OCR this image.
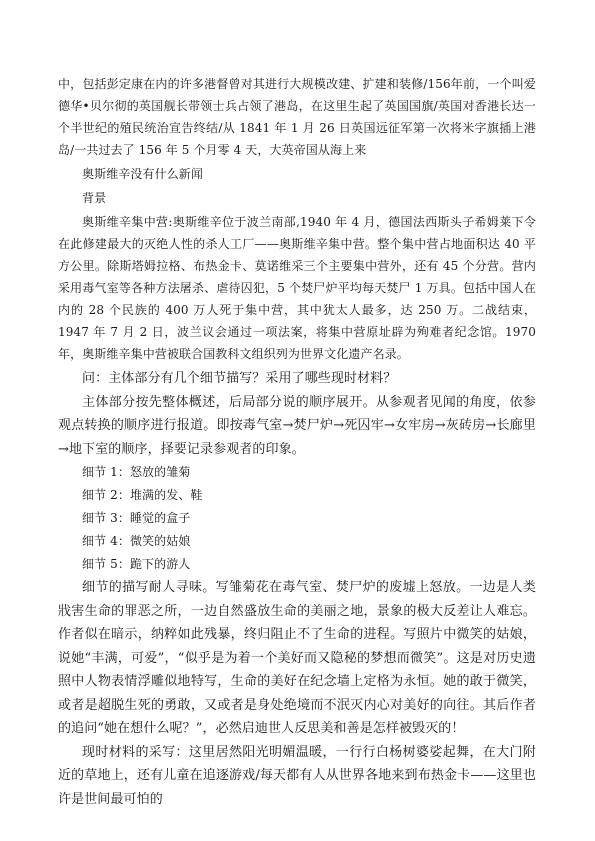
中，包括彭定康在内的许多港督曾对其进行大规模改建、扩建和装修/156年前，一个叫爱德华•贝尔彻的英国舰长带领士兵占领了港岛，在这里生起了英国国旗/英国对香港长达一个半世纪的殖民统治宣告终结/从 1841 年 1 月 26 日英国远征军第一次将米字旗插上港岛/一共过去了 156 年 5 个月零 4 天，大英帝国从海上来

奥斯维辛没有什么新闻

背景

奥斯维辛集中营:奥斯维辛位于波兰南部,1940 年 4 月，德国法西斯头子希姆莱下令在此修建最大的灭绝人性的杀人工厂——奥斯维辛集中营。整个集中营占地面积达 40 平方公里。除斯塔姆拉格、布热金卡、莫诺维采三个主要集中营外，还有 45 个分营。营内采用毒气室等各种方法屠杀、虐待囚犯，5 个焚尸炉平均每天焚尸 1 万具。包括中国人在内的 28 个民族的 400 万人死于集中营，其中犹太人最多，达 250 万。二战结束，1947 年 7 月 2 日，波兰议会通过一项法案，将集中营原址辟为殉难者纪念馆。1970 年，奥斯维辛集中营被联合国教科文组织列为世界文化遗产名录。

问：主体部分有几个细节描写？采用了哪些现时材料？

主体部分按先整体概述，后局部分说的顺序展开。从参观者见闻的角度，依参观点转换的顺序进行报道。即按毒气室→焚尸炉→死囚牢→女牢房→灰砖房→长廊里→地下室的顺序，择要记录参观者的印象。

细节 1：怒放的雏菊

细节 2：堆满的发、鞋

细节 3：睡觉的盒子

细节 4：微笑的姑娘

细节 5：跪下的游人

细节的描写耐人寻味。写雏菊花在毒气室、焚尸炉的废墟上怒放。一边是人类戕害生命的罪恶之所，一边自然盛放生命的美丽之地，景象的极大反差让人难忘。作者似在暗示，纳粹如此残暴，终归阻止不了生命的进程。写照片中微笑的姑娘，说她“丰满，可爱”，“似乎是为着一个美好而又隐秘的梦想而微笑”。这是对历史遗照中人物表情浮雕似地特写，生命的美好在纪念墙上定格为永恒。她的敢于微笑，或者是超脱生死的勇敢，又或者是身处绝境而不泯灭内心对美好的向往。其后作者的追问“她在想什么呢？”，必然启迪世人反思美和善是怎样被毁灭的！

现时材料的采写：这里居然阳光明媚温暖，一行行白杨树婆娑起舞，在大门附近的草地上，还有儿童在追逐游戏/每天都有人从世界各地来到布热金卡——这里也许是世间最可怕的
